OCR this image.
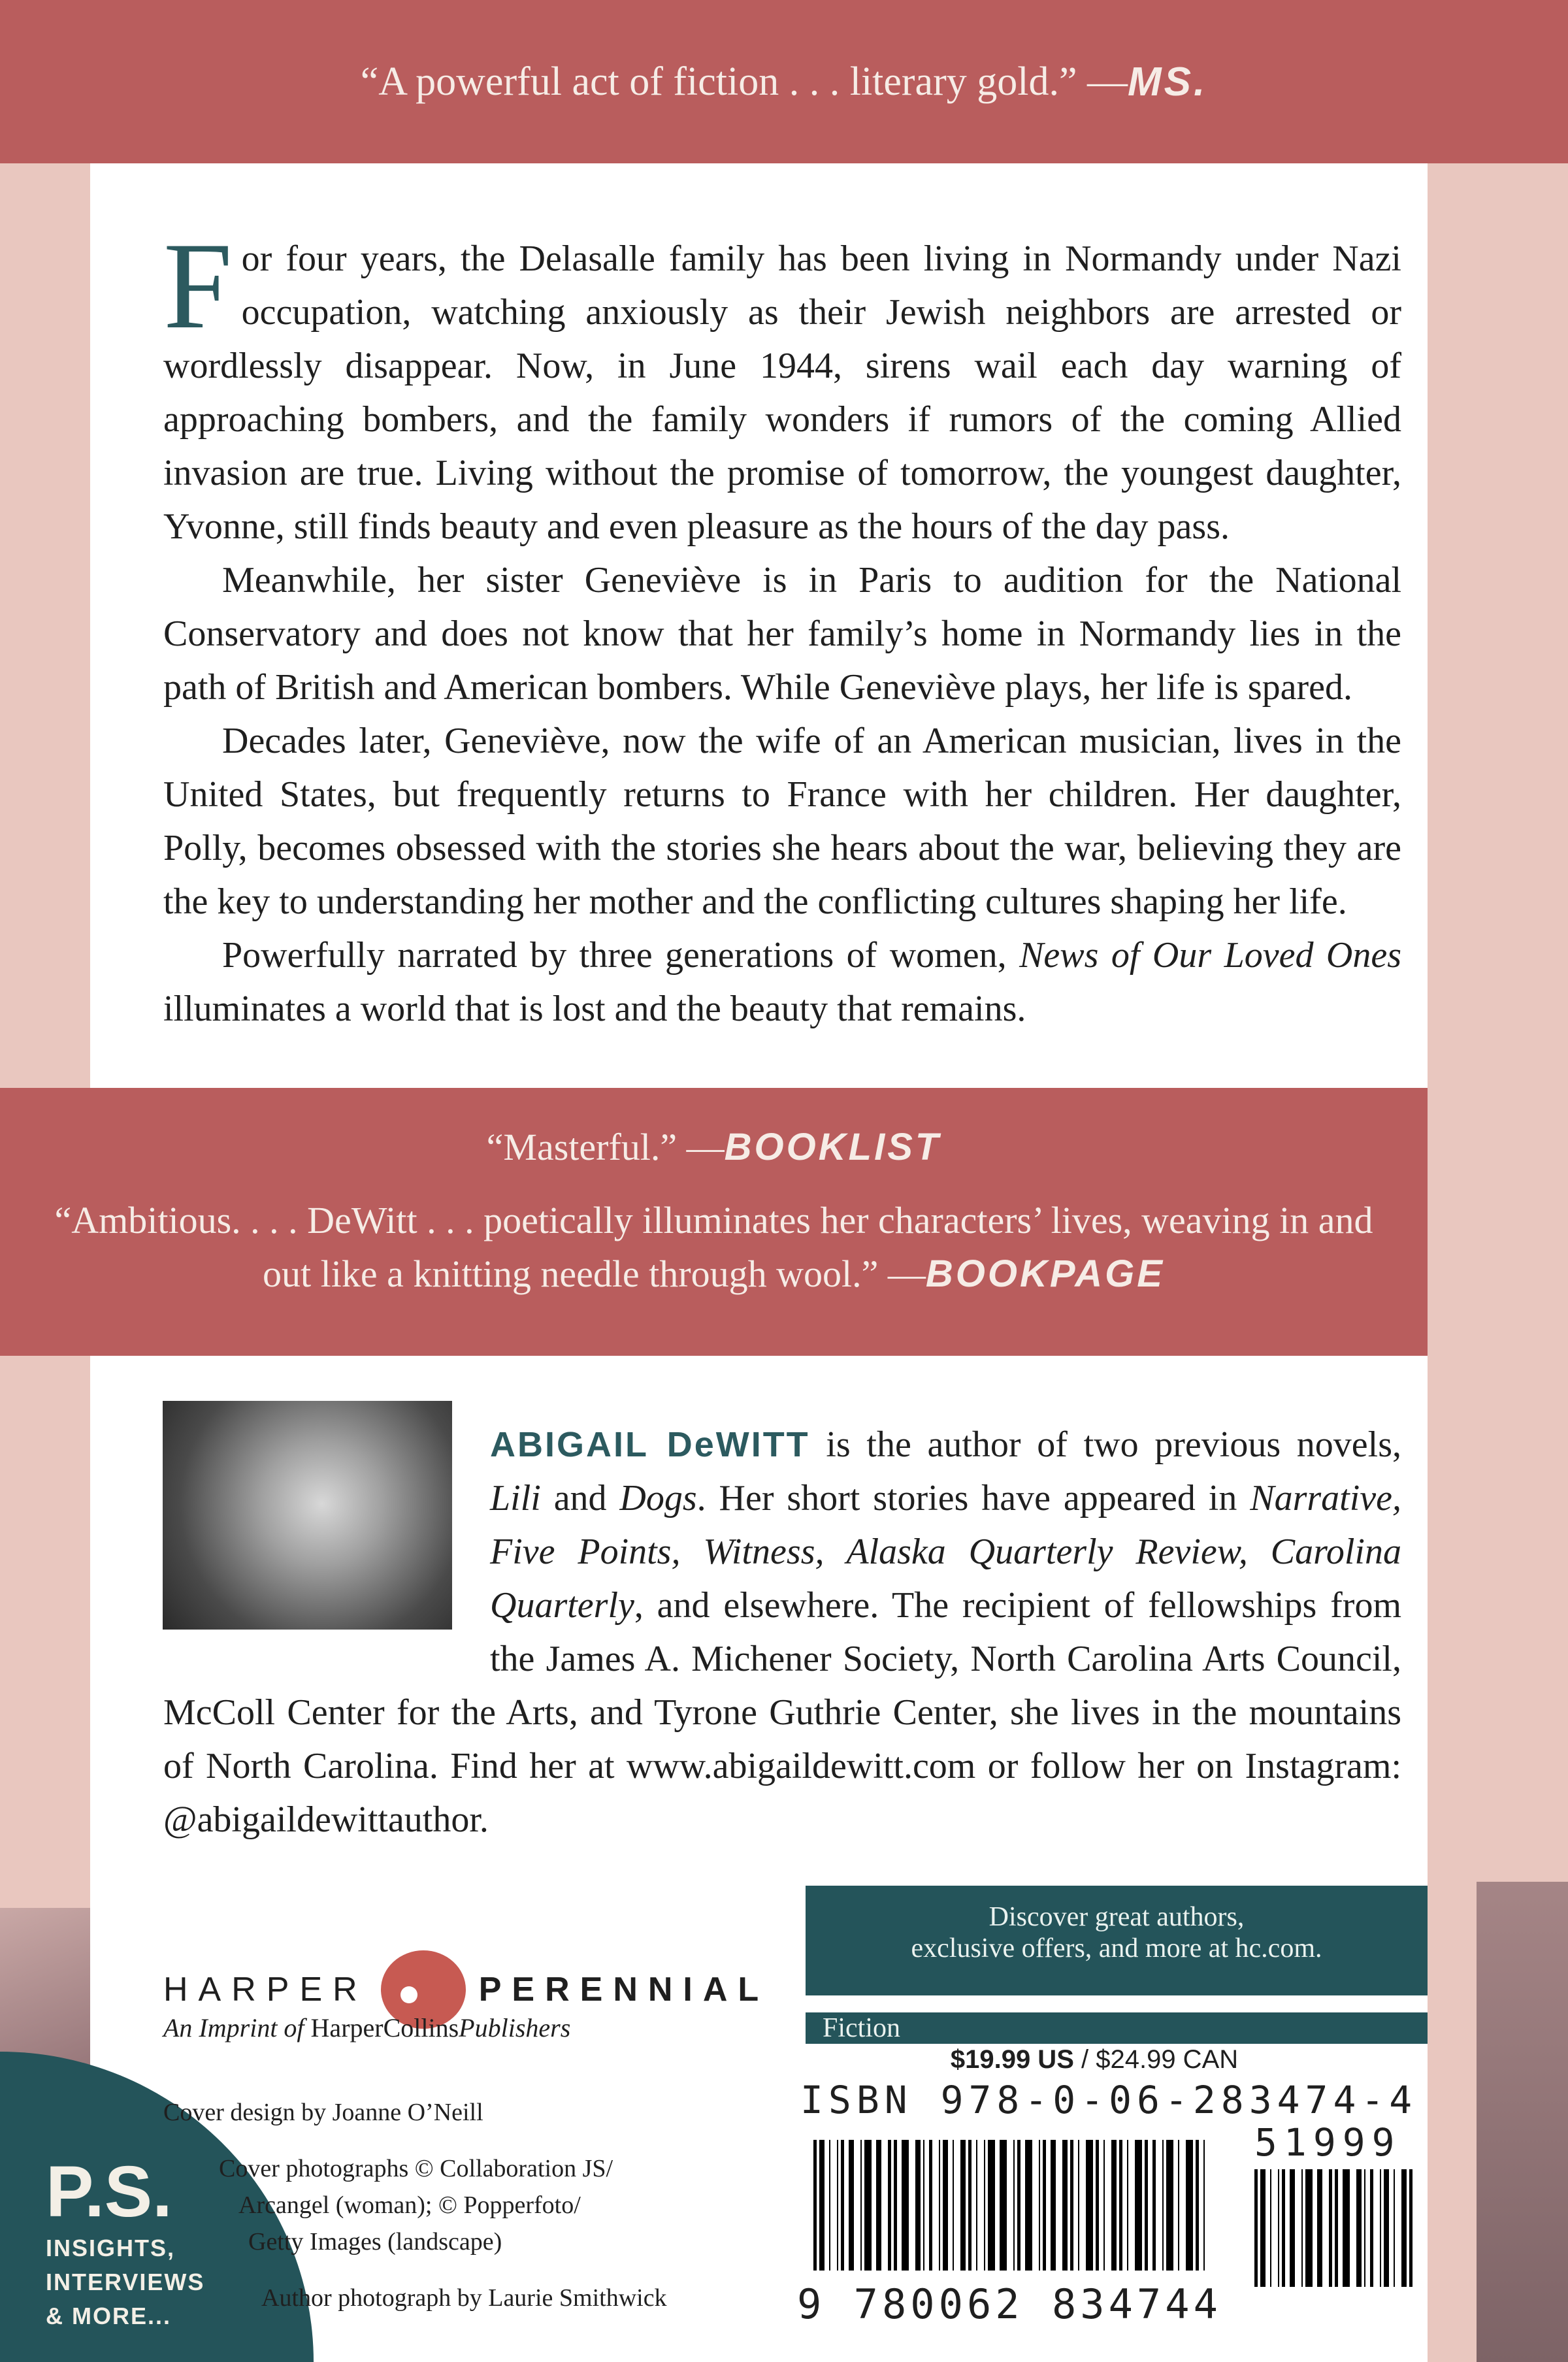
“A powerful act of fiction . . . literary gold.” — MS.

For four years, the Delasalle family has been living in Normandy under Nazi occupation, watching anxiously as their Jewish neighbors are arrested or wordlessly disappear. Now, in June 1944, sirens wail each day warning of approaching bombers, and the family wonders if rumors of the coming Allied invasion are true. Living without the promise of tomorrow, the youngest daughter, Yvonne, still finds beauty and even pleasure as the hours of the day pass.

Meanwhile, her sister Geneviève is in Paris to audition for the National Conservatory and does not know that her family’s home in Normandy lies in the path of British and American bombers. While Geneviève plays, her life is spared.

Decades later, Geneviève, now the wife of an American musician, lives in the United States, but frequently returns to France with her children. Her daughter, Polly, becomes obsessed with the stories she hears about the war, believing they are the key to understanding her mother and the conflicting cultures shaping her life.

Powerfully narrated by three generations of women, News of Our Loved Ones illuminates a world that is lost and the beauty that remains.

“Masterful.” —BOOKLIST
“Ambitious. . . . DeWitt . . . poetically illuminates her characters’ lives, weaving in and out like a knitting needle through wool.” —BOOKPAGE
ABIGAIL DeWITT is the author of two previous novels, Lili and Dogs. Her short stories have appeared in Narrative, Five Points, Witness, Alaska Quarterly Review, Carolina Quarterly, and elsewhere. The recipient of fellowships from the James A. Michener Society, North Carolina Arts Council, McColl Center for the Arts, and Tyrone Guthrie Center, she lives in the mountains of North Carolina. Find her at www.abigaildewitt.com or follow her on Instagram: @abigaildewittauthor.
HARPER	PERENNIAL
An Imprint of HarperCollinsPublishers
P.S.
INSIGHTS,
INTERVIEWS
& MORE...
Cover design by Joanne O’Neill
Cover photographs © Collaboration JS/
Arcangel (woman); © Popperfoto/
Getty Images (landscape)
Author photograph by Laurie Smithwick
Discover great authors,
exclusive offers, and more at hc.com.
Fiction
$19.99 US / $24.99 CAN
ISBN 978-0-06-283474-4
51999
9 780062 834744
